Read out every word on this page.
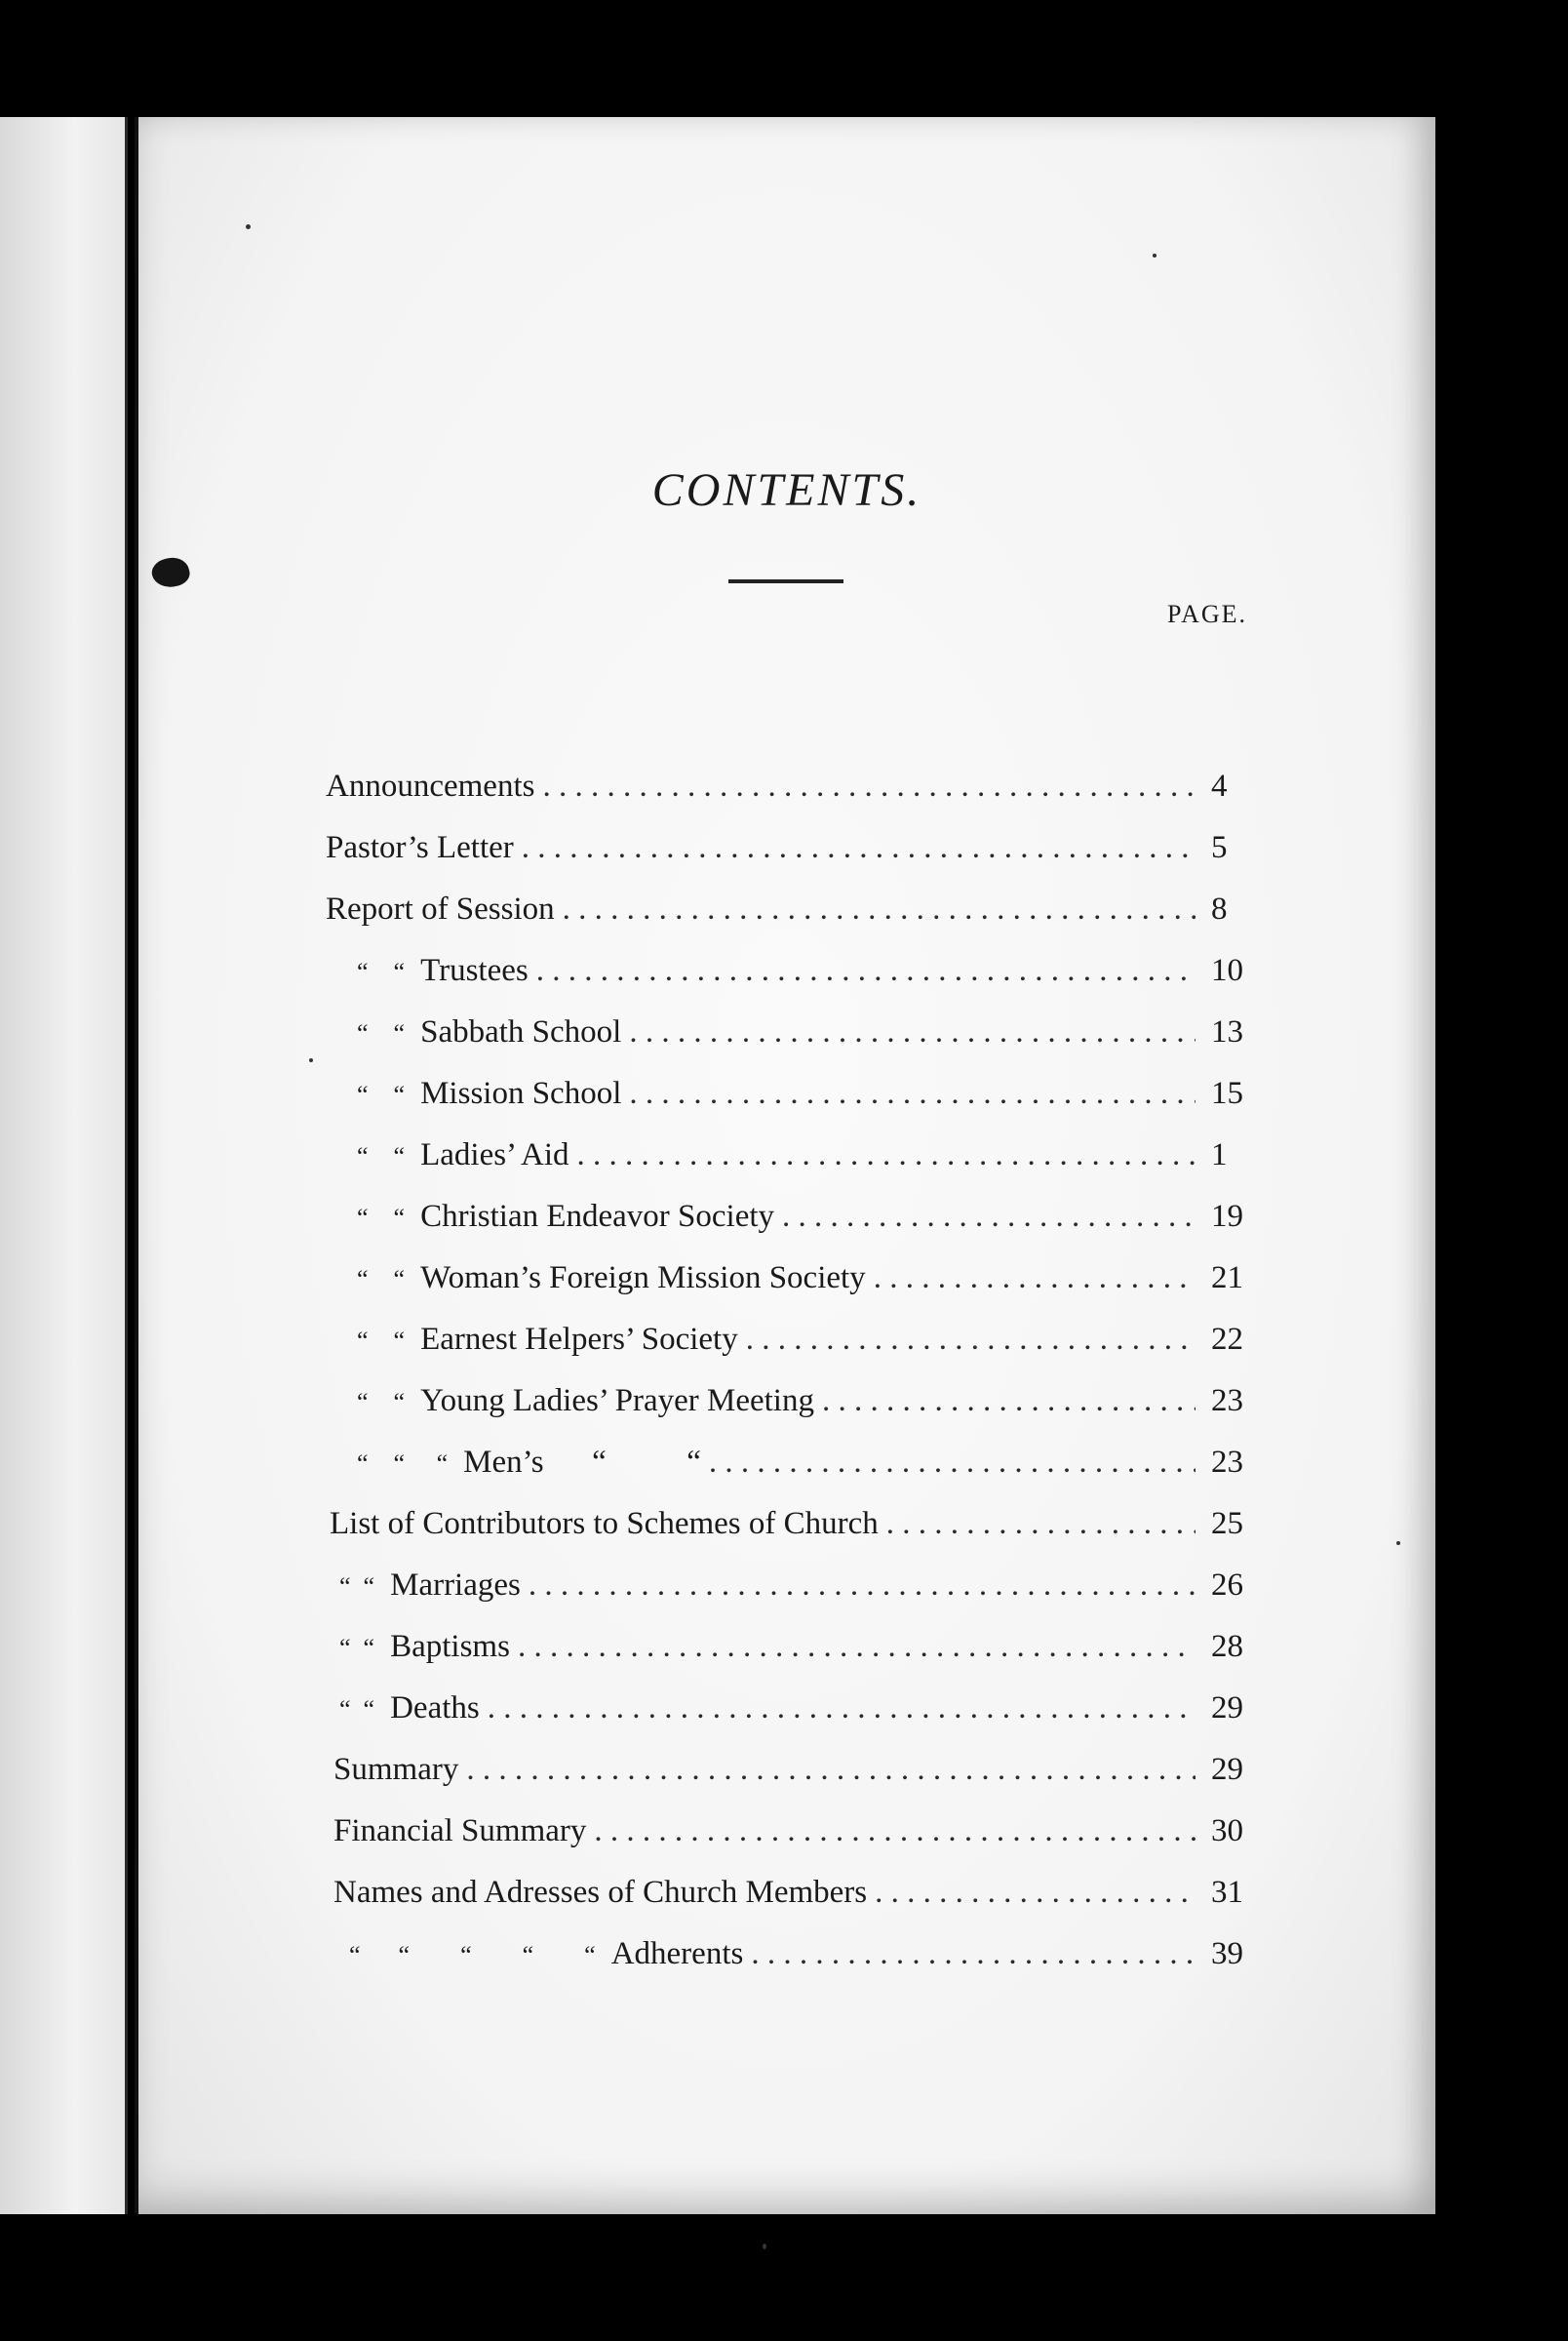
CONTENTS.
PAGE.
Announcements . . .	4
Pastor’s Letter . . .	5
Report of Session . . .	8
“    “ Trustees . . .	10
“    “ Sabbath School . . .	13
“    “ Mission School . . .	15
“    “ Ladies’ Aid . . .	1
“    “ Christian Endeavor Society . . .	19
“    “ Woman’s Foreign Mission Society . . .	21
“    “ Earnest Helpers’ Society . . .	22
“    “ Young Ladies’ Prayer Meeting . . .	23
“    “     “ Men’s      “          “ . . .	23
List of Contributors to Schemes of Church . . .	25
“  “ Marriages . . .	26
“  “ Baptisms . . .	28
“  “ Deaths . . .	29
Summary . . .	29
Financial Summary . . .	30
Names and Adresses of Church Members . . .	31
“      “        “        “        “ Adherents . . .	39
